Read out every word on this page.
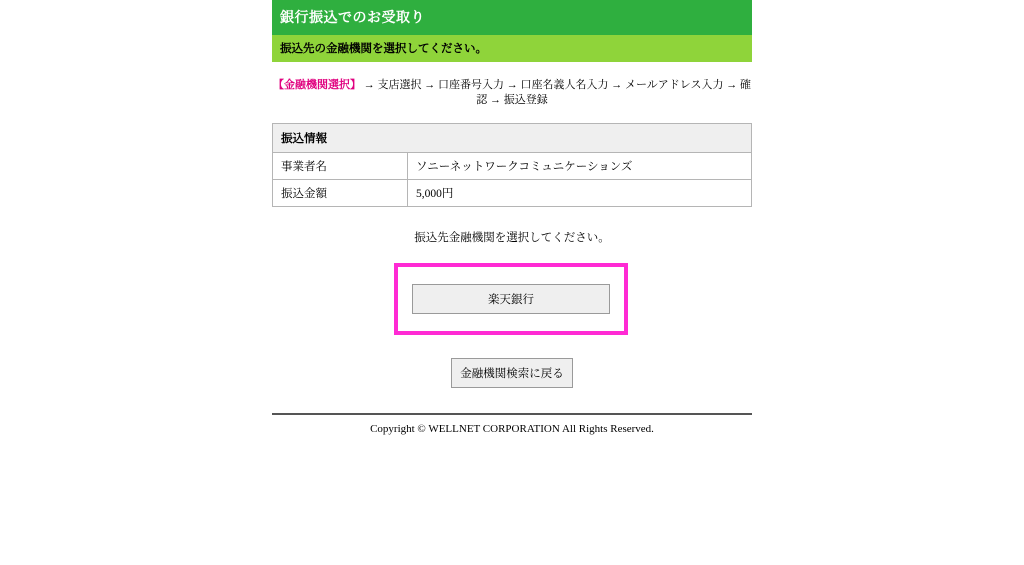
銀行振込でのお受取り
振込先の金融機関を選択してください。
【金融機関選択】 → 支店選択 → 口座番号入力 → 口座名義人名入力 → メールアドレス入力 → 確認 → 振込登録
振込情報	
事業者名	ソニーネットワークコミュニケーションズ
振込金額	5,000円
振込先金融機関を選択してください。
楽天銀行
金融機関検索に戻る
Copyright © WELLNET CORPORATION All Rights Reserved.
